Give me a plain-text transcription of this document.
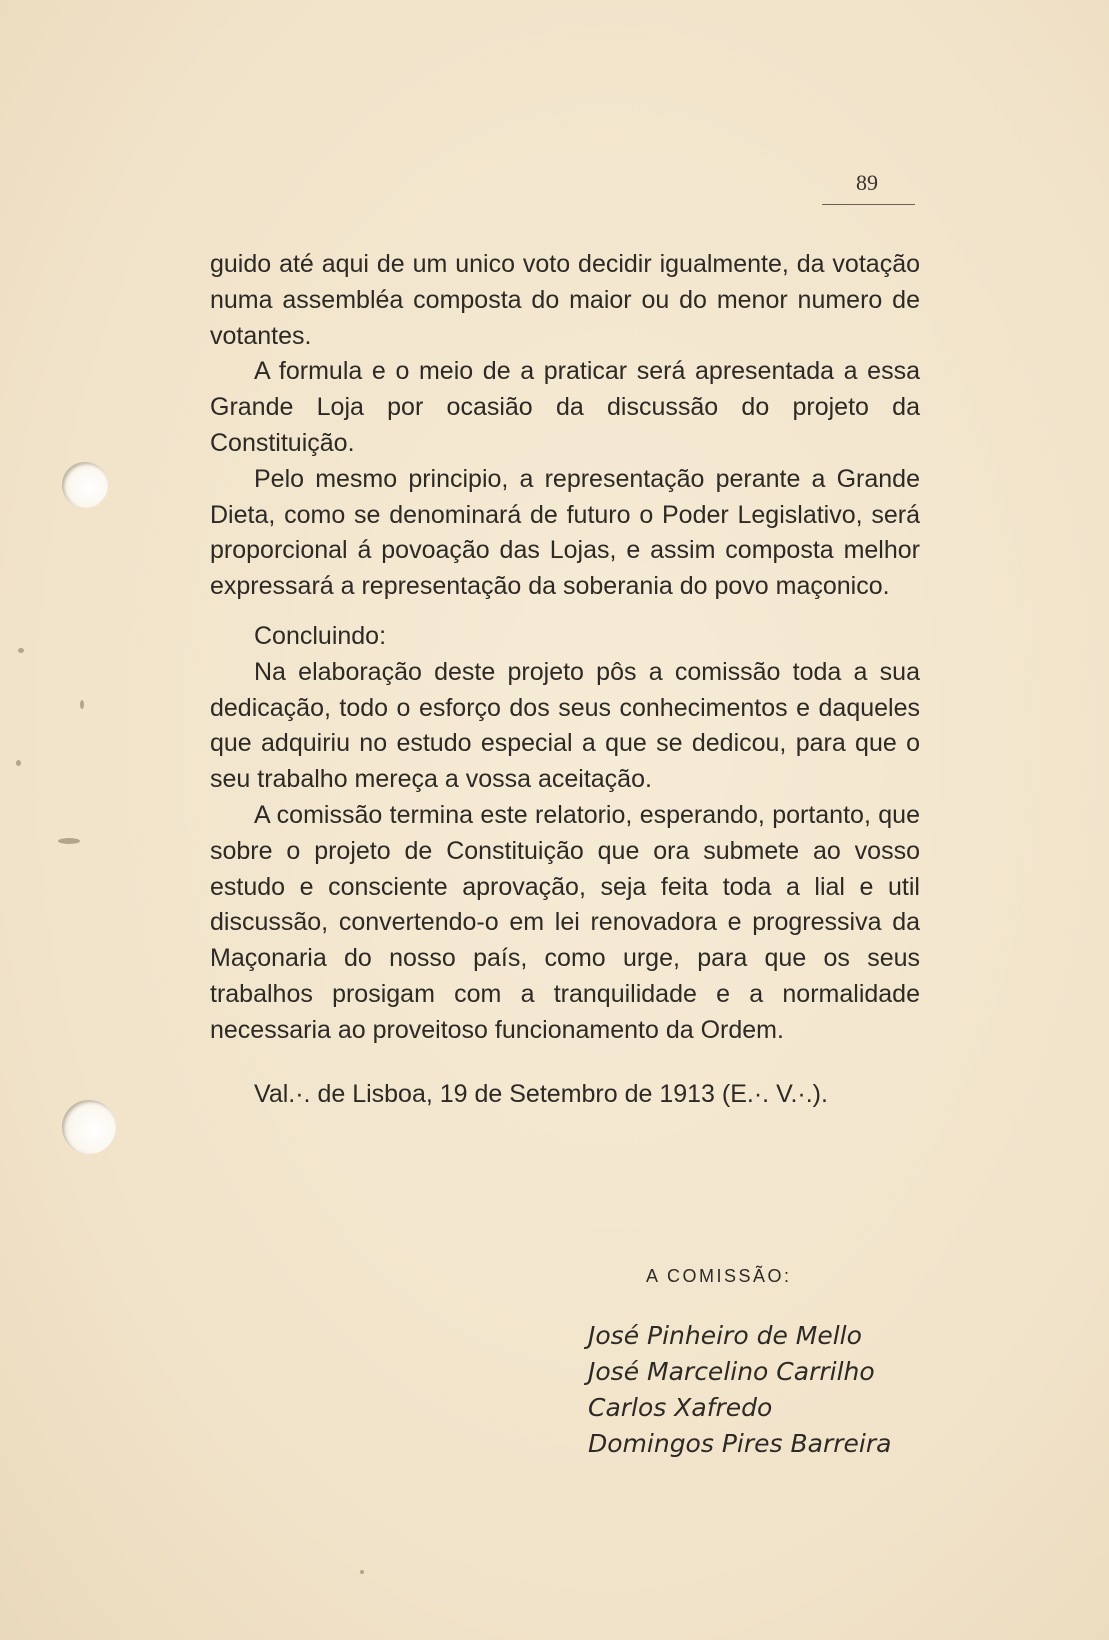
89

guido até aqui de um unico voto decidir igualmente, da votação numa assembléa composta do maior ou do menor numero de votantes.

A formula e o meio de a praticar será apresentada a essa Grande Loja por ocasião da discussão do projeto da Constituição.

Pelo mesmo principio, a representação perante a Grande Dieta, como se denominará de futuro o Poder Legislativo, será proporcional á povoação das Lojas, e assim composta melhor expressará a representação da soberania do povo maçonico.

Concluindo:

Na elaboração deste projeto pôs a comissão toda a sua dedicação, todo o esforço dos seus conhecimentos e daqueles que adquiriu no estudo especial a que se dedicou, para que o seu trabalho mereça a vossa aceitação.

A comissão termina este relatorio, esperando, portanto, que sobre o projeto de Constituição que ora submete ao vosso estudo e consciente aprovação, seja feita toda a lial e util discussão, convertendo-o em lei renovadora e progressiva da Maçonaria do nosso país, como urge, para que os seus trabalhos prosigam com a tranquilidade e a normalidade necessaria ao proveitoso funcionamento da Ordem.

Val.·. de Lisboa, 19 de Setembro de 1913 (E.·. V.·.).

A COMISSÃO:
José Pinheiro de Mello
José Marcelino Carrilho
Carlos Xafredo
Domingos Pires Barreira
